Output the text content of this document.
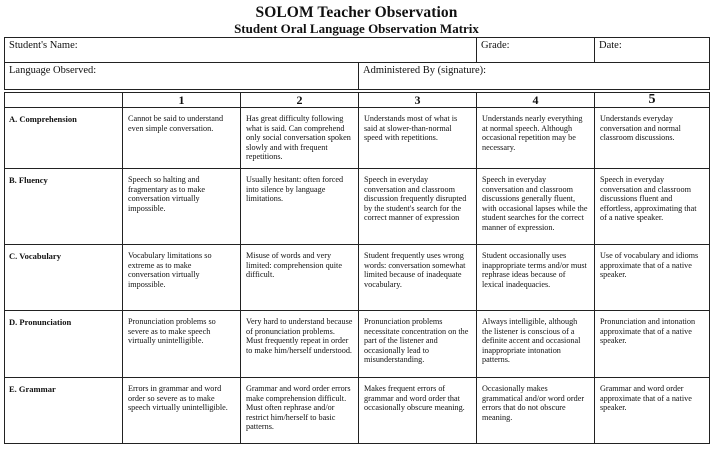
SOLOM Teacher Observation
Student Oral Language Observation Matrix
Student's Name:				Grade:	Date:
Language Observed:			Administered By (signature):		

	1	2	3	4	5
A. Comprehension	Cannot be said to understand even simple conversation.	Has great difficulty following what is said. Can comprehend only social conversation spoken slowly and with frequent repetitions.	Understands most of what is said at slower-than-normal speed with repetitions.	Understands nearly everything at normal speech. Although occasional repetition may be necessary.	Understands everyday conversation and normal classroom discussions.
B. Fluency	Speech so halting and fragmentary as to make conversation virtually impossible.	Usually hesitant: often forced into silence by language limitations.	Speech in everyday conversation and classroom discussion frequently disrupted by the student's search for the correct manner of expression	Speech in everyday conversation and classroom discussions generally fluent, with occasional lapses while the student searches for the correct manner of expression.	Speech in everyday conversation and classroom discussions fluent and effortless, approximating that of a native speaker.
C. Vocabulary	Vocabulary limitations so extreme as to make conversation virtually impossible.	Misuse of words and very limited: comprehension quite difficult.	Student frequently uses wrong words: conversation somewhat limited because of inadequate vocabulary.	Student occasionally uses inappropriate terms and/or must rephrase ideas because of lexical inadequacies.	Use of vocabulary and idioms approximate that of a native speaker.
D. Pronunciation	Pronunciation problems so severe as to make speech virtually unintelligible.	Very hard to understand because of pronunciation problems. Must frequently repeat in order to make him/herself understood.	Pronunciation problems necessitate concentration on the part of the listener and occasionally lead to misunderstanding.	Always intelligible, although the listener is conscious of a definite accent and occasional inappropriate intonation patterns.	Pronunciation and intonation approximate that of a native speaker.
E. Grammar	Errors in grammar and word order so severe as to make speech virtually unintelligible.	Grammar and word order errors make comprehension difficult. Must often rephrase and/or restrict him/herself to basic patterns.	Makes frequent errors of grammar and word order that occasionally obscure meaning.	Occasionally makes grammatical and/or word order errors that do not obscure meaning.	Grammar and word order approximate that of a native speaker.
